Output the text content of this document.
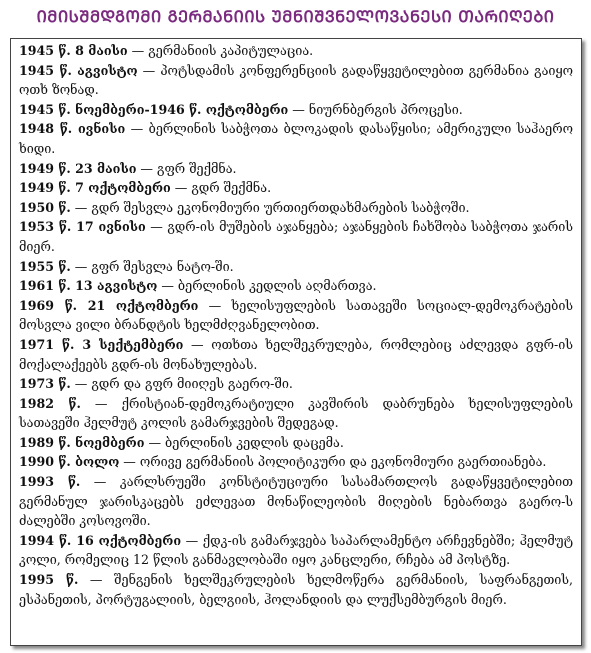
ᲘᲛᲘᲡᲨᲛᲓᲒᲝᲛᲘ ᲒᲔᲠᲛᲐᲜᲘᲘᲡ ᲣᲛᲜᲘᲨᲕᲜᲔᲚᲝᲕᲐᲜᲔᲡᲘ ᲗᲐᲠᲘᲦᲔᲑᲘ
1945 წ. 8 მაისი — გერმანიის კაპიტულაცია.
1945 წ. აგვისტო — პოტსდამის კონფერენციის გადაწყვეტილებით გერმანია გაიყო ოთხ ზონად.
1945 წ. ნოემბერი-1946 წ. ოქტომბერი — ნიურნბერგის პროცესი.
1948 წ. ივნისი — ბერლინის საბჭოთა ბლოკადის დასაწყისი; ამერიკული საჰაერო ხიდი.
1949 წ. 23 მაისი — გფრ შექმნა.
1949 წ. 7 ოქტომბერი — გდრ შექმნა.
1950 წ. — გდრ შესვლა ეკონომიური ურთიერთდახმარების საბჭოში.
1953 წ. 17 ივნისი — გდრ-ის მუშების აჯანყება; აჯანყების ჩახშობა საბჭოთა ჯარის მიერ.
1955 წ. — გფრ შესვლა ნატო-ში.
1961 წ. 13 აგვისტო — ბერლინის კედლის აღმართვა.
1969 წ. 21 ოქტომბერი — ხელისუფლების სათავეში სოციალ-დემოკრატების მოსვლა ვილი ბრანდტის ხელმძღვანელობით.
1971 წ. 3 სექტემბერი — ოთხთა ხელშეკრულება, რომლებიც აძლევდა გფრ-ის მოქალაქეებს გდრ-ის მონახულებას.
1973 წ. — გდრ და გფრ მიიღეს გაერო-ში.
1982 წ. — ქრისტიან-დემოკრატიული კავშირის დაბრუნება ხელისუფლების სათავეში ჰელმუტ კოლის გამარჯვების შედეგად.
1989 წ. ნოემბერი — ბერლინის კედლის დაცემა.
1990 წ. ბოლო — ორივე გერმანიის პოლიტიკური და ეკონომიური გაერთიანება.
1993 წ. — კარლსრუეში კონსტიტუციური სასამართლოს გადაწყვეტილებით გერმანულ ჯარისკაცებს ეძლევათ მონაწილეობის მიღების ნებართვა გაერო-ს ძალებში კოსოვოში.
1994 წ. 16 ოქტომბერი — ქდკ-ის გამარჯვება საპარლამენტო არჩევნებში; ჰელმუტ კოლი, რომელიც 12 წლის განმავლობაში იყო კანცლერი, რჩება ამ პოსტზე.
1995 წ. — შენგენის ხელშეკრულების ხელმოწერა გერმანიის, საფრანგეთის, ესპანეთის, პორტუგალიის, ბელგიის, ჰოლანდიის და ლუქსემბურგის მიერ.
